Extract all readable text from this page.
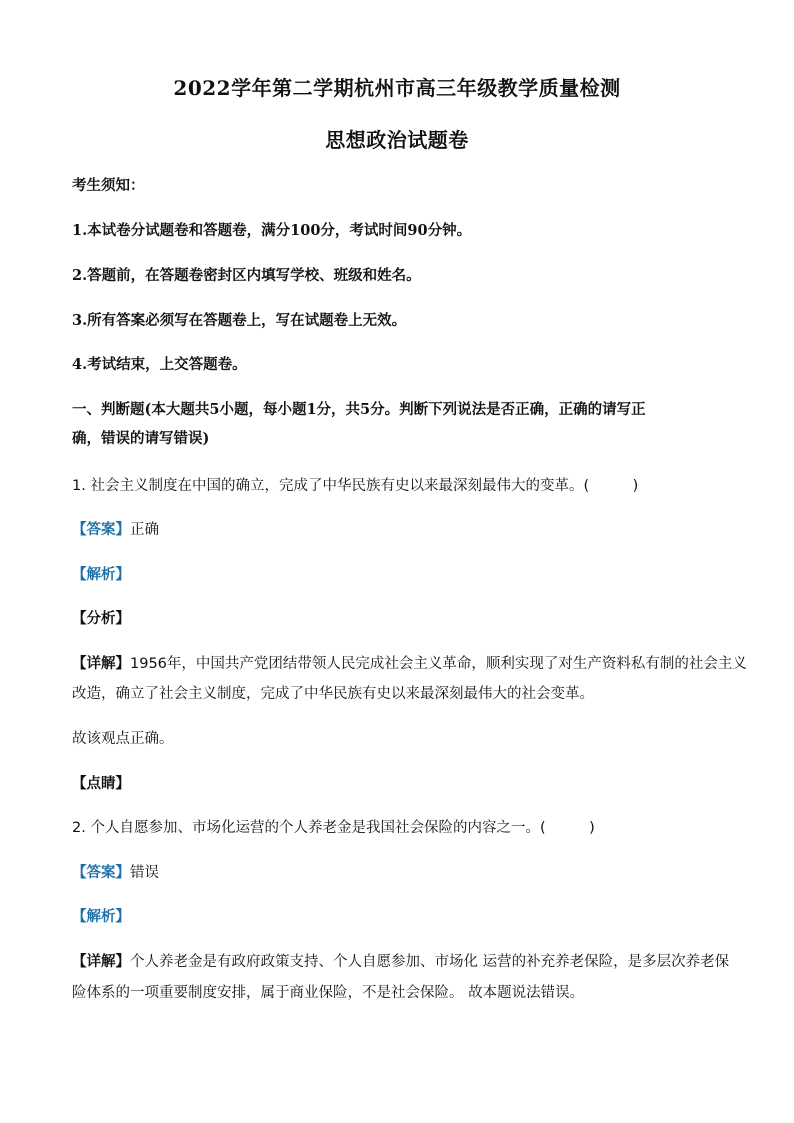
2022学年第二学期杭州市高三年级教学质量检测
思想政治试题卷
考生须知：
1.本试卷分试题卷和答题卷，满分100分，考试时间90分钟。
2.答题前，在答题卷密封区内填写学校、班级和姓名。
3.所有答案必须写在答题卷上，写在试题卷上无效。
4.考试结束，上交答题卷。
一、判断题(本大题共5小题，每小题1分，共5分。判断下列说法是否正确，正确的请写正
确，错误的请写错误)
1. 社会主义制度在中国的确立，完成了中华民族有史以来最深刻最伟大的变革。(　　　)
【答案】正确
【解析】
【分析】
【详解】1956年，中国共产党团结带领人民完成社会主义革命，顺利实现了对生产资料私有制的社会主义
改造，确立了社会主义制度，完成了中华民族有史以来最深刻最伟大的社会变革。
故该观点正确。
【点睛】
2. 个人自愿参加、市场化运营的个人养老金是我国社会保险的内容之一。(　　　)
【答案】错误
【解析】
【详解】个人养老金是有政府政策支持、个人自愿参加、市场化 运营的补充养老保险，是多层次养老保
险体系的一项重要制度安排，属于商业保险，不是社会保险。 故本题说法错误。
